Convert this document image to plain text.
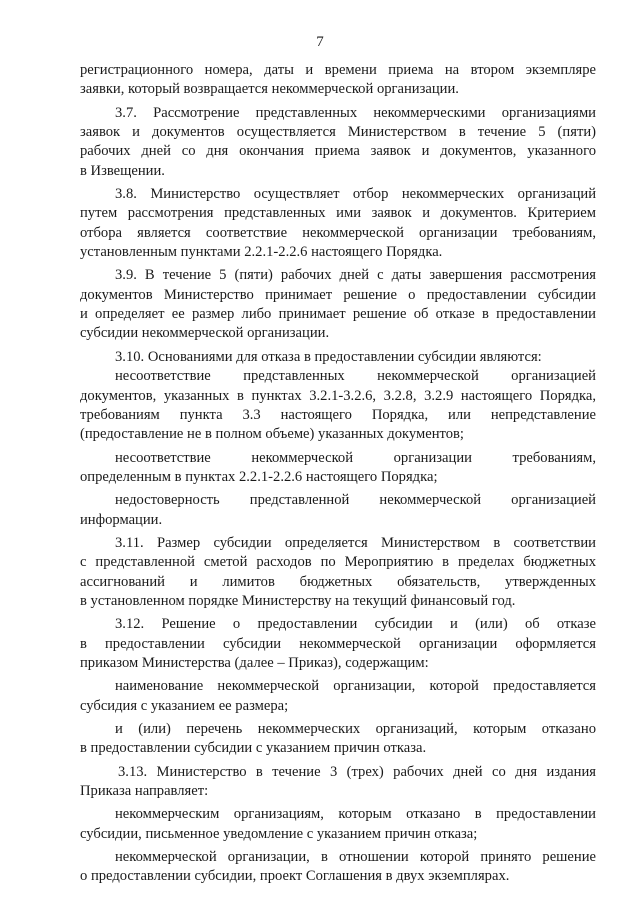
7
регистрационного номера, даты и времени приема на втором экземпляре
заявки, который возвращается некоммерческой организации.
3.7. Рассмотрение представленных некоммерческими организациями
заявок и документов осуществляется Министерством в течение 5 (пяти)
рабочих дней со дня окончания приема заявок и документов, указанного
в Извещении.
3.8. Министерство осуществляет отбор некоммерческих организаций
путем рассмотрения представленных ими заявок и документов. Критерием
отбора является соответствие некоммерческой организации требованиям,
установленным пунктами 2.2.1-2.2.6 настоящего Порядка.
3.9. В течение 5 (пяти) рабочих дней с даты завершения рассмотрения
документов Министерство принимает решение о предоставлении субсидии
и определяет ее размер либо принимает решение об отказе в предоставлении
субсидии некоммерческой организации.
3.10. Основаниями для отказа в предоставлении субсидии являются:
несоответствие представленных некоммерческой организацией
документов, указанных в пунктах 3.2.1-3.2.6, 3.2.8, 3.2.9 настоящего Порядка,
требованиям пункта 3.3 настоящего Порядка, или непредставление
(предоставление не в полном объеме) указанных документов;
несоответствие некоммерческой организации требованиям,
определенным в пунктах 2.2.1-2.2.6 настоящего Порядка;
недостоверность представленной некоммерческой организацией
информации.
3.11. Размер субсидии определяется Министерством в соответствии
с представленной сметой расходов по Мероприятию в пределах бюджетных
ассигнований и лимитов бюджетных обязательств, утвержденных
в установленном порядке Министерству на текущий финансовый год.
3.12. Решение о предоставлении субсидии и (или) об отказе
в предоставлении субсидии некоммерческой организации оформляется
приказом Министерства (далее – Приказ), содержащим:
наименование некоммерческой организации, которой предоставляется
субсидия с указанием ее размера;
и (или) перечень некоммерческих организаций, которым отказано
в предоставлении субсидии с указанием причин отказа.
3.13. Министерство в течение 3 (трех) рабочих дней со дня издания
Приказа направляет:
некоммерческим организациям, которым отказано в предоставлении
субсидии, письменное уведомление с указанием причин отказа;
некоммерческой организации, в отношении которой принято решение
о предоставлении субсидии, проект Соглашения в двух экземплярах.
